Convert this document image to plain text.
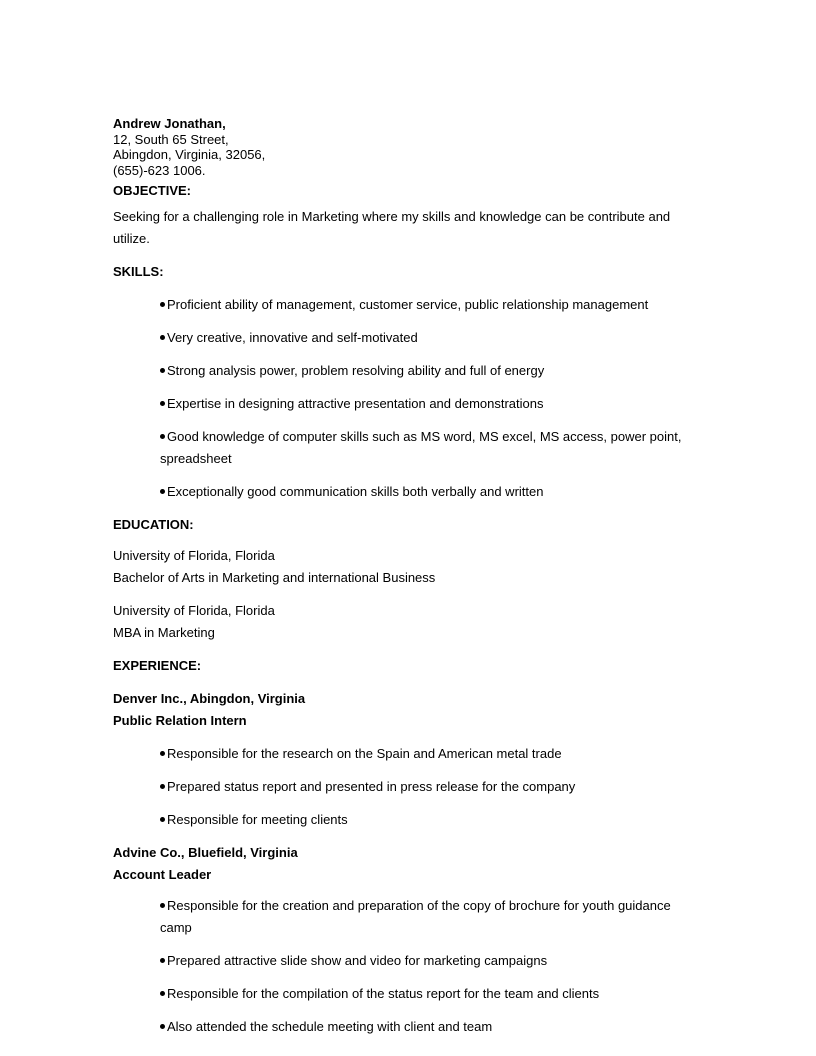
Andrew Jonathan,
12, South 65 Street,
Abingdon, Virginia, 32056,
(655)-623 1006.
OBJECTIVE:

Seeking for a challenging role in Marketing where my skills and knowledge can be contribute and utilize.

SKILLS:
Proficient ability of management, customer service, public relationship management
Very creative, innovative and self-motivated
Strong analysis power, problem resolving ability and full of energy
Expertise in designing attractive presentation and demonstrations
Good knowledge of computer skills such as MS word, MS excel, MS access, power point, spreadsheet
Exceptionally good communication skills both verbally and written
EDUCATION:
University of Florida, Florida
Bachelor of Arts in Marketing and international Business
University of Florida, Florida
MBA in Marketing
EXPERIENCE:
Denver Inc., Abingdon, Virginia
Public Relation Intern
Responsible for the research on the Spain and American metal trade
Prepared status report and presented in press release for the company
Responsible for meeting clients
Advine Co., Bluefield, Virginia
Account Leader
Responsible for the creation and preparation of the copy of brochure for youth guidance camp
Prepared attractive slide show and video for marketing campaigns
Responsible for the compilation of the status report for the team and clients
Also attended the schedule meeting with client and team
